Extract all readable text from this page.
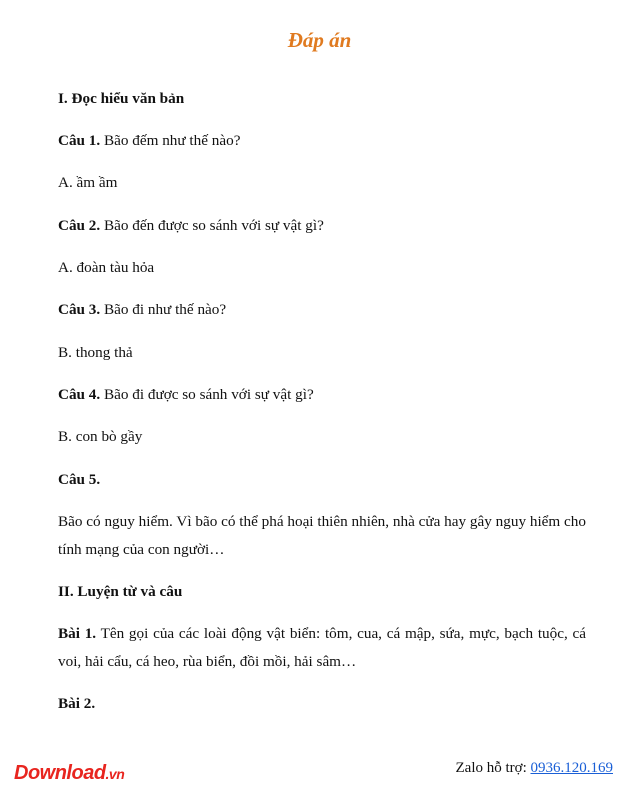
Đáp án
I. Đọc hiểu văn bản
Câu 1. Bão đếm như thế nào?
A. ầm ầm
Câu 2. Bão đến được so sánh với sự vật gì?
A. đoàn tàu hỏa
Câu 3. Bão đi như thế nào?
B. thong thả
Câu 4. Bão đi được so sánh với sự vật gì?
B. con bò gầy
Câu 5.
Bão có nguy hiểm. Vì bão có thể phá hoại thiên nhiên, nhà cửa hay gây nguy hiểm cho tính mạng của con người…
II. Luyện từ và câu
Bài 1. Tên gọi của các loài động vật biển: tôm, cua, cá mập, sứa, mực, bạch tuộc, cá voi, hải cẩu, cá heo, rùa biển, đồi mồi, hải sâm…
Bài 2.
Download.vn	Zalo hỗ trợ: 0936.120.169
